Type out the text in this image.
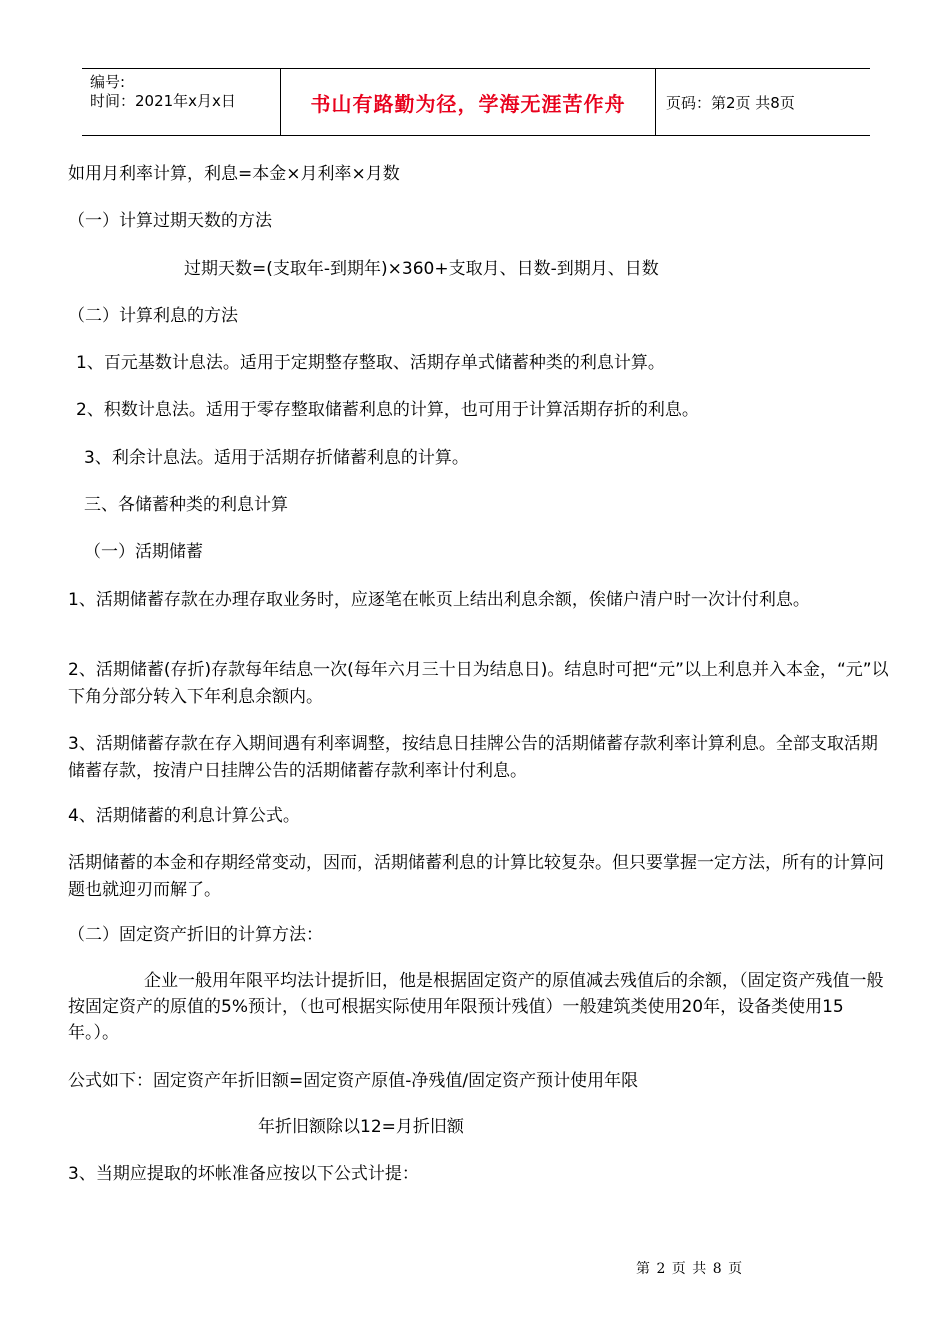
编号:
时间：2021年x月x日	书山有路勤为径，学海无涯苦作舟	页码：第2页 共8页
如用月利率计算，利息=本金×月利率×月数
（一）计算过期天数的方法
过期天数=(支取年-到期年)×360+支取月、日数-到期月、日数
（二）计算利息的方法
1、百元基数计息法。适用于定期整存整取、活期存单式储蓄种类的利息计算。
2、积数计息法。适用于零存整取储蓄利息的计算，也可用于计算活期存折的利息。
3、利余计息法。适用于活期存折储蓄利息的计算。
三、各储蓄种类的利息计算
（一）活期储蓄
1、活期储蓄存款在办理存取业务时，应逐笔在帐页上结出利息余额，俟储户清户时一次计付利息。
2、活期储蓄(存折)存款每年结息一次(每年六月三十日为结息日)。结息时可把“元”以上利息并入本金，“元”以下角分部分转入下年利息余额内。
3、活期储蓄存款在存入期间遇有利率调整，按结息日挂牌公告的活期储蓄存款利率计算利息。全部支取活期储蓄存款，按清户日挂牌公告的活期储蓄存款利率计付利息。
4、活期储蓄的利息计算公式。
活期储蓄的本金和存期经常变动，因而，活期储蓄利息的计算比较复杂。但只要掌握一定方法，所有的计算问题也就迎刃而解了。
（二）固定资产折旧的计算方法：
企业一般用年限平均法计提折旧，他是根据固定资产的原值减去残值后的余额，（固定资产残值一般按固定资产的原值的5%预计，（也可根据实际使用年限预计残值）一般建筑类使用20年，设备类使用15年。）。
公式如下：固定资产年折旧额=固定资产原值-净残值/固定资产预计使用年限
年折旧额除以12=月折旧额
3、当期应提取的坏帐准备应按以下公式计提：
第 2 页 共 8 页
